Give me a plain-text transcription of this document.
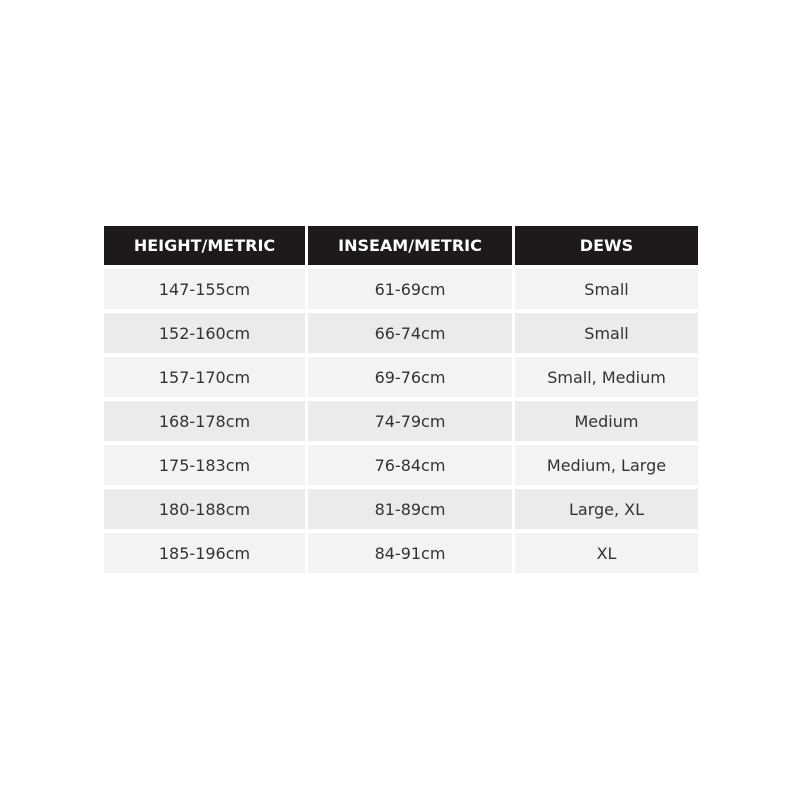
HEIGHT/METRIC	INSEAM/METRIC	DEWS
147-155cm	61-69cm	Small
152-160cm	66-74cm	Small
157-170cm	69-76cm	Small, Medium
168-178cm	74-79cm	Medium
175-183cm	76-84cm	Medium, Large
180-188cm	81-89cm	Large, XL
185-196cm	84-91cm	XL
